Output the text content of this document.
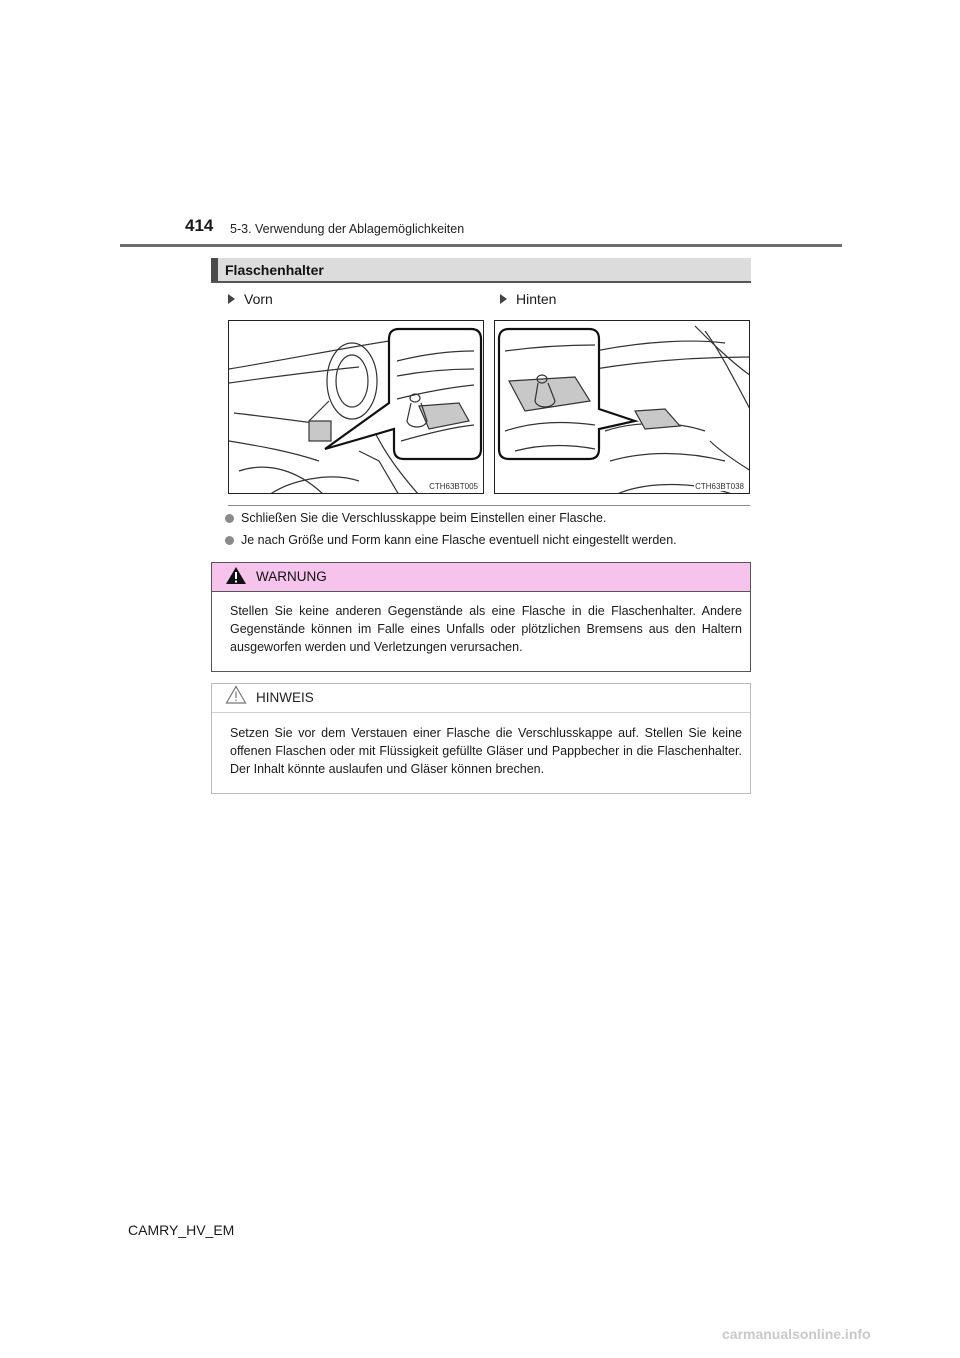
414 5-3. Verwendung der Ablagemöglichkeiten
Flaschenhalter
Vorn	Hinten
CTH63BT005	CTH63BT038
Schließen Sie die Verschlusskappe beim Einstellen einer Flasche.
Je nach Größe und Form kann eine Flasche eventuell nicht eingestellt werden.
WARNUNG
Stellen Sie keine anderen Gegenstände als eine Flasche in die Flaschenhalter. Andere Gegenstände können im Falle eines Unfalls oder plötzlichen Bremsens aus den Haltern ausgeworfen werden und Verletzungen verursachen.
HINWEIS
Setzen Sie vor dem Verstauen einer Flasche die Verschlusskappe auf. Stellen Sie keine offenen Flaschen oder mit Flüssigkeit gefüllte Gläser und Pappbecher in die Flaschenhalter. Der Inhalt könnte auslaufen und Gläser können brechen.
CAMRY_HV_EM
carmanualsonline.info
